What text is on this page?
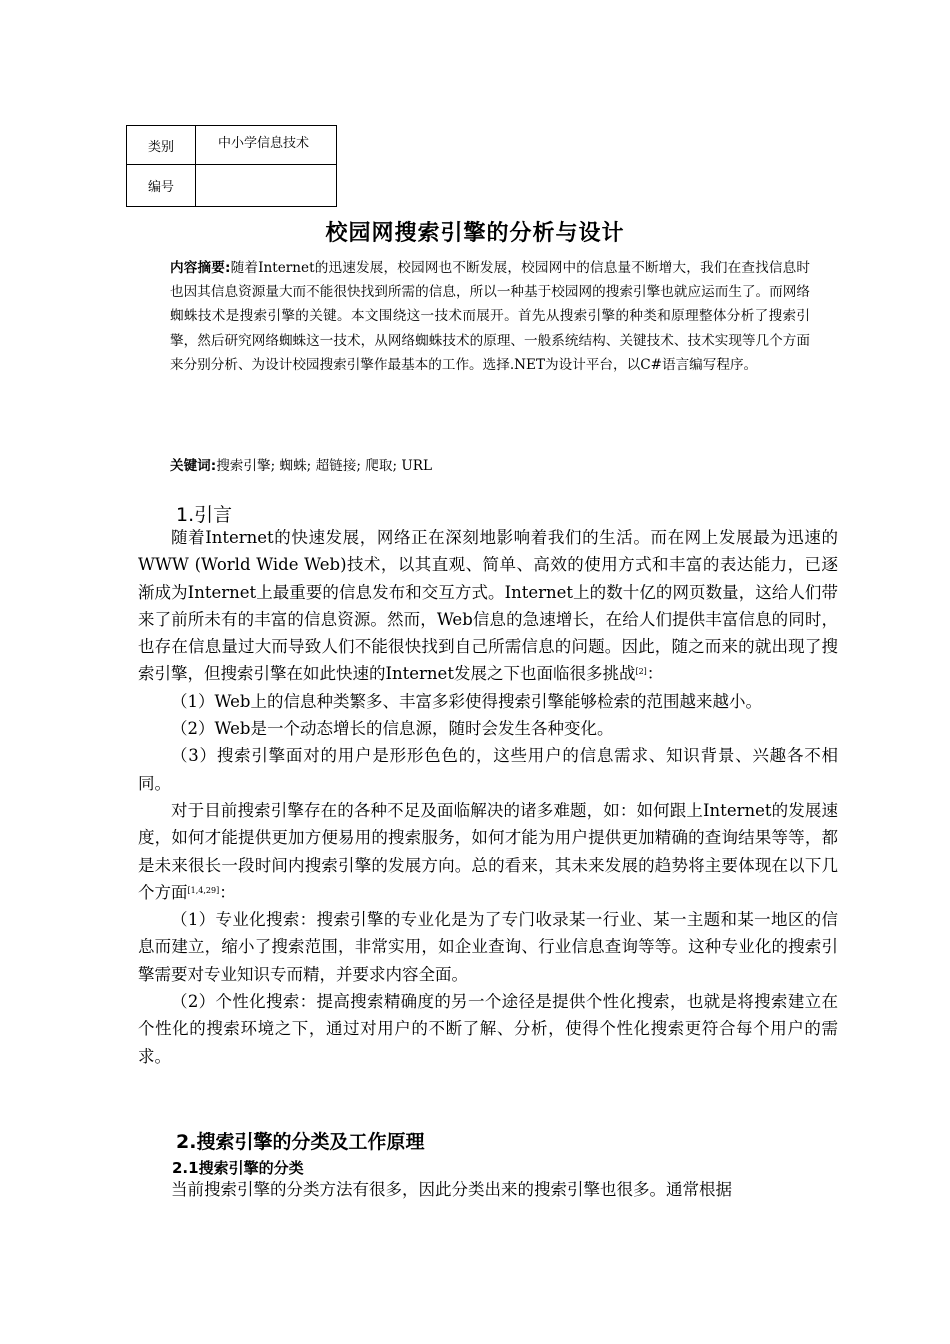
类别	中小学信息技术
编号	
校园网搜索引擎的分析与设计
内容摘要:随着Internet的迅速发展，校园网也不断发展，校园网中的信息量不断增大，我们在查找信息时也因其信息资源量大而不能很快找到所需的信息，所以一种基于校园网的搜索引擎也就应运而生了。而网络蜘蛛技术是搜索引擎的关键。本文围绕这一技术而展开。首先从搜索引擎的种类和原理整体分析了搜索引擎，然后研究网络蜘蛛这一技术，从网络蜘蛛技术的原理、一般系统结构、关键技术、技术实现等几个方面来分别分析、为设计校园搜索引擎作最基本的工作。选择.NET为设计平台，以C#语言编写程序。
关键词:搜索引擎; 蜘蛛; 超链接; 爬取; URL
1.引言

随着Internet的快速发展，网络正在深刻地影响着我们的生活。而在网上发展最为迅速的WWW (World Wide Web)技术，以其直观、简单、高效的使用方式和丰富的表达能力，已逐渐成为Internet上最重要的信息发布和交互方式。Internet上的数十亿的网页数量，这给人们带来了前所未有的丰富的信息资源。然而，Web信息的急速增长，在给人们提供丰富信息的同时，也存在信息量过大而导致人们不能很快找到自己所需信息的问题。因此，随之而来的就出现了搜索引擎，但搜索引擎在如此快速的Internet发展之下也面临很多挑战[2]：

（1）Web上的信息种类繁多、丰富多彩使得搜索引擎能够检索的范围越来越小。

（2）Web是一个动态增长的信息源，随时会发生各种变化。

（3）搜索引擎面对的用户是形形色色的，这些用户的信息需求、知识背景、兴趣各不相同。

对于目前搜索引擎存在的各种不足及面临解决的诸多难题，如：如何跟上Internet的发展速度，如何才能提供更加方便易用的搜索服务，如何才能为用户提供更加精确的查询结果等等，都是未来很长一段时间内搜索引擎的发展方向。总的看来，其未来发展的趋势将主要体现在以下几个方面[1,4,29]：

（1）专业化搜索：搜索引擎的专业化是为了专门收录某一行业、某一主题和某一地区的信息而建立，缩小了搜索范围，非常实用，如企业查询、行业信息查询等等。这种专业化的搜索引擎需要对专业知识专而精，并要求内容全面。

（2）个性化搜索：提高搜索精确度的另一个途径是提供个性化搜索，也就是将搜索建立在个性化的搜索环境之下，通过对用户的不断了解、分析，使得个性化搜索更符合每个用户的需求。

2.搜索引擎的分类及工作原理
2.1搜索引擎的分类

当前搜索引擎的分类方法有很多，因此分类出来的搜索引擎也很多。通常根据
